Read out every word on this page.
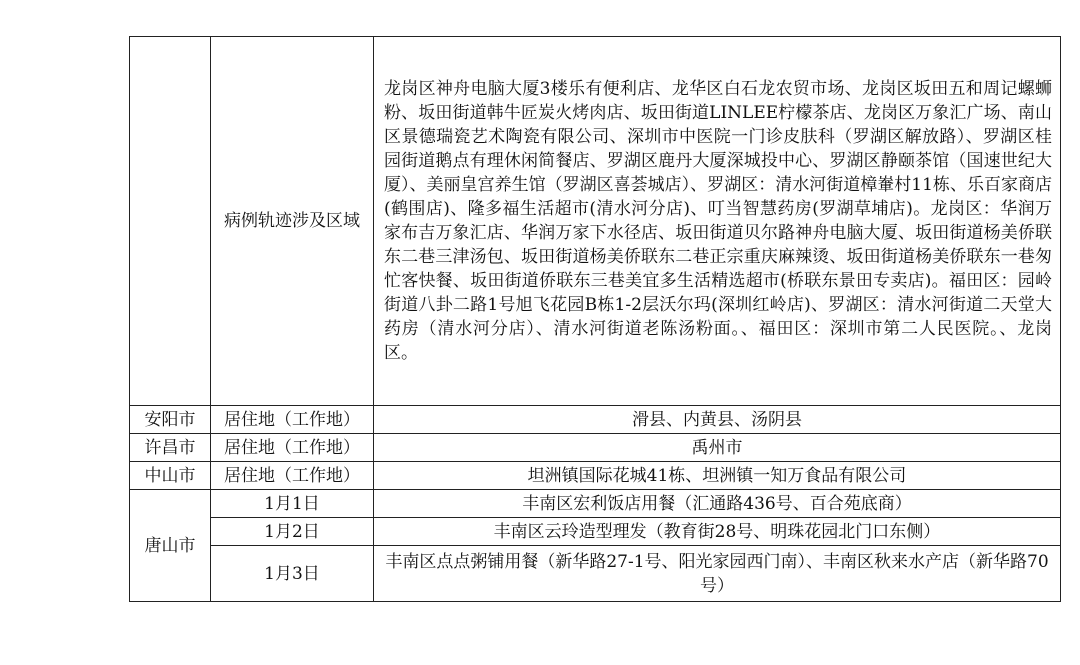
	病例轨迹涉及区域	龙岗区神舟电脑大厦3楼乐有便利店、龙华区白石龙农贸市场、龙岗区坂田五和周记螺蛳粉、坂田街道韩牛匠炭火烤肉店、坂田街道LINLEE柠檬茶店、龙岗区万象汇广场、南山区景德瑞瓷艺术陶瓷有限公司、深圳市中医院一门诊皮肤科（罗湖区解放路）、罗湖区桂园街道鹅点有理休闲简餐店、罗湖区鹿丹大厦深城投中心、罗湖区静颐茶馆（国速世纪大厦）、美丽皇宫养生馆（罗湖区喜荟城店）、罗湖区：清水河街道樟輋村11栋、乐百家商店(鹤围店)、隆多福生活超市(清水河分店)、叮当智慧药房(罗湖草埔店)。龙岗区：华润万家布吉万象汇店、华润万家下水径店、坂田街道贝尔路神舟电脑大厦、坂田街道杨美侨联东二巷三津汤包、坂田街道杨美侨联东二巷正宗重庆麻辣烫、坂田街道杨美侨联东一巷匆忙客快餐、坂田街道侨联东三巷美宜多生活精选超市(桥联东景田专卖店)。福田区：园岭街道八卦二路1号旭飞花园B栋1-2层沃尔玛(深圳红岭店)、罗湖区：清水河街道二天堂大药房（清水河分店）、清水河街道老陈汤粉面。、福田区：深圳市第二人民医院。、龙岗区。

安阳市	居住地（工作地）	滑县、内黄县、汤阴县

许昌市	居住地（工作地）	禹州市

中山市	居住地（工作地）	坦洲镇国际花城41栋、坦洲镇一知万食品有限公司

唐山市	1月1日	丰南区宏利饭店用餐（汇通路436号、百合苑底商）

	1月2日	丰南区云玲造型理发（教育街28号、明珠花园北门口东侧）

	1月3日	丰南区点点粥铺用餐（新华路27-1号、阳光家园西门南）、丰南区秋来水产店（新华路70号）
